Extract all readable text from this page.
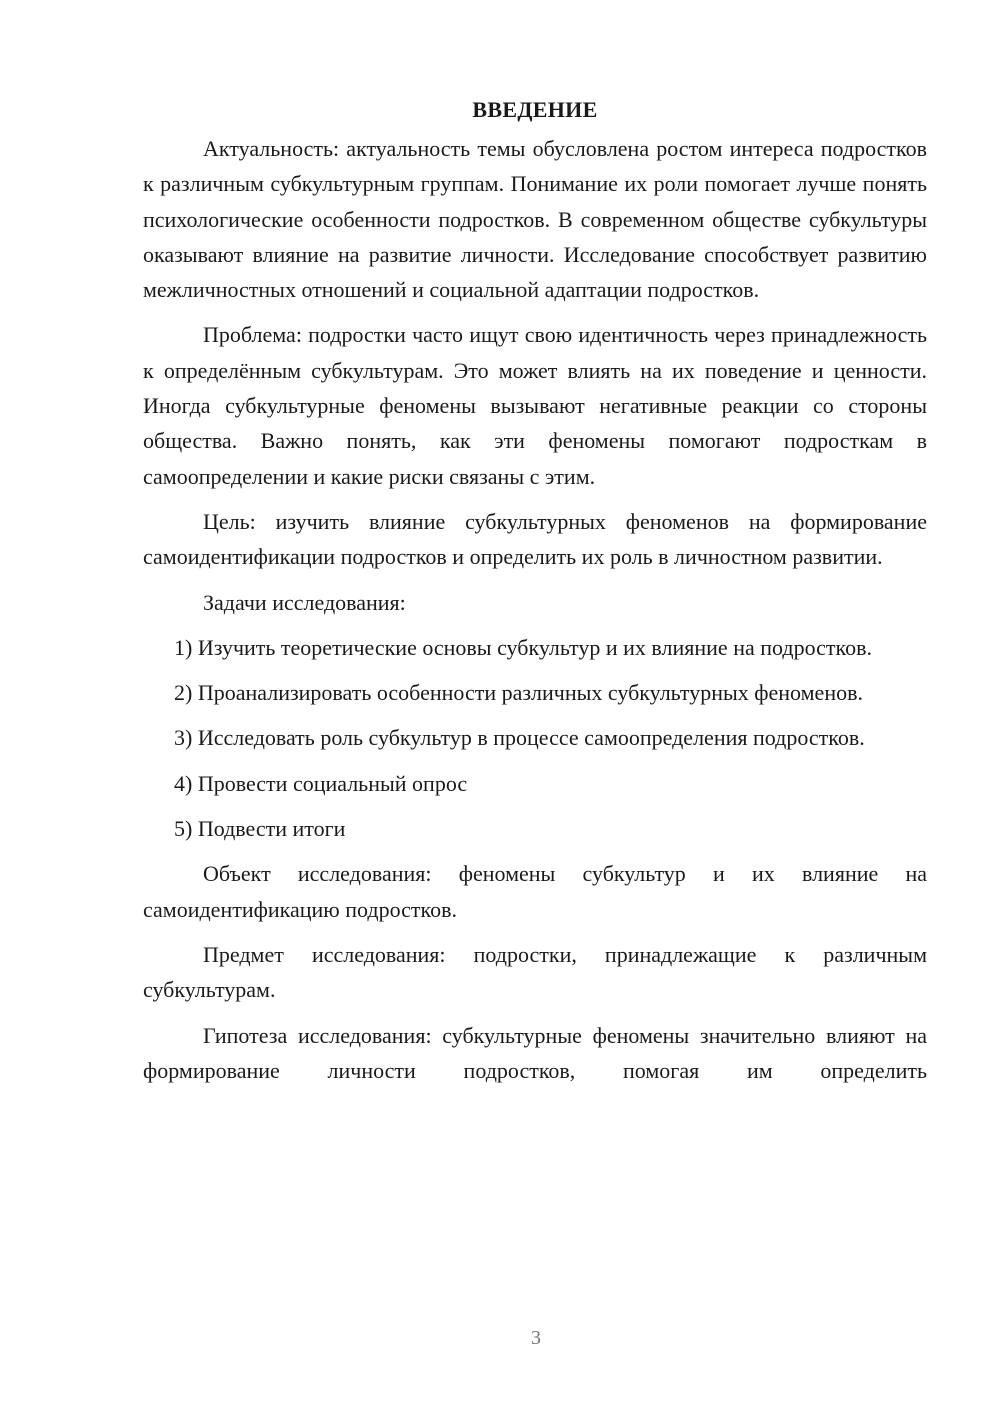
ВВЕДЕНИЕ

Актуальность: актуальность темы обусловлена ростом интереса подростков к различным субкультурным группам. Понимание их роли помогает лучше понять психологические особенности подростков. В современном обществе субкультуры оказывают влияние на развитие личности. Исследование способствует развитию межличностных отношений и социальной адаптации подростков.

Проблема: подростки часто ищут свою идентичность через принадлежность к определённым субкультурам. Это может влиять на их поведение и ценности. Иногда субкультурные феномены вызывают негативные реакции со стороны общества. Важно понять, как эти феномены помогают подросткам в самоопределении и какие риски связаны с этим.

Цель: изучить влияние субкультурных феноменов на формирование самоидентификации подростков и определить их роль в личностном развитии.

Задачи исследования:

1) Изучить теоретические основы субкультур и их влияние на подростков.

2) Проанализировать особенности различных субкультурных феноменов.

3) Исследовать роль субкультур в процессе самоопределения подростков.

4) Провести социальный опрос

5) Подвести итоги

Объект исследования: феномены субкультур и их влияние на самоидентификацию подростков.

Предмет исследования: подростки, принадлежащие к различным субкультурам.

Гипотеза исследования: субкультурные феномены значительно влияют на формирование личности подростков, помогая им определить

3
